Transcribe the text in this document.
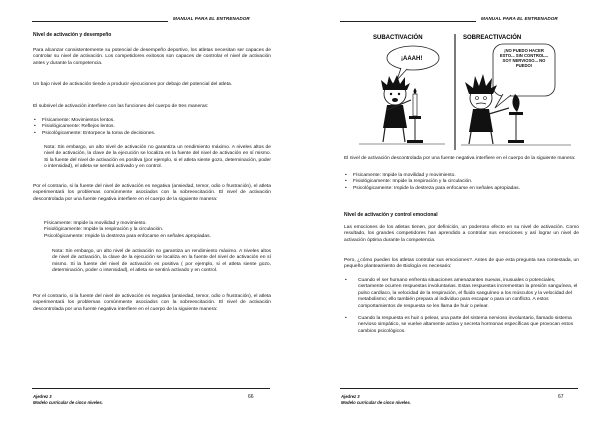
MANUAL PARA EL ENTRENADOR

Nivel de activación y desempeño

Para alcanzar consistentemente su potencial de desempeño deportivo, los atletas necesitan ser capaces de controlar su nivel de activación. Los competidores exitosos son capaces de controlar el nivel de activación antes y durante la competencia.

Un bajo nivel de activación tiende a producir ejecuciones por debajo del potencial del atleta.

El subnivel de activación interfiere con las funciones del cuerpo de tres maneras:

• Físicamente: Movimientos lentos.
• Fisiológicamente: Reflejos lentos.
• Psicológicamente: Entorpece la toma de decisiones.

Nota: Sin embargo, un alto nivel de activación no garantiza un rendimiento máximo. A niveles altos de nivel de activación, la clave de la ejecución se localiza en la fuente del nivel de activación en sí mismo. Si la fuente del nivel de activación es positiva (por ejemplo, si el atleta siente gozo, determinación, poder o intensidad), el atleta se sentirá activado y en control.

Por el contrario, si la fuente del nivel de activación es negativa (ansiedad, temor, odio o frustración), el atleta experimentará los problemas comúnmente asociados con la sobreexcitación. El nivel de activación descontrolada por una fuente negativa interfiere en el cuerpo de la siguiente manera:

Físicamente: Impide la movilidad y movimiento.
Fisiológicamente: Impide la respiración y la circulación.
Psicológicamente: Impide la destreza para enfocarse en señales apropiadas.

Nota: Sin embargo, un alto nivel de activación no garantiza un rendimiento máximo. A niveles altos de nivel de activación, la clave de la ejecución se localiza en la fuente del nivel de activación en sí mismo. Si la fuente del nivel de activación es positiva ( por ejemplo, si el atleta siente gozo, determinación, poder o intensidad), el atleta se sentirá activado y en control.

Por el contrario, si la fuente del nivel de activación es negativa (ansiedad, temor, odio o frustración), el atleta experimentará los problemas comúnmente asociados con la sobreexcitación. El nivel de activación descontrolada por una fuente negativa interfiere en el cuerpo de la siguiente manera:

Ajedrez 3
Modelo curricular de cinco niveles.
66
MANUAL PARA EL ENTRENADOR
SUBACTIVACIÓN	SOBREACTIVACIÓN
¡AAAH!
¡NO PUEDO HACER ESTO... SIN CONTROL... SOY NERVIOSO... NO PUEDO!

El nivel de activación descontrolada por una fuente negativa interfiere en el cuerpo de la siguiente manera:

• Físicamente: Impide la movilidad y movimiento.
• Fisiológicamente: Impide la respiración y la circulación.
• Psicológicamente: Impide la destreza para enfocarse en señales apropiadas.

Nivel de activación y control emocional

Las emociones de los atletas tienen, por definición, un poderoso efecto en su nivel de activación. Como resultado, los grandes competidores han aprendido a controlar sus emociones y así lograr un nivel de activación óptima durante la competencia.

Pero, ¿cómo pueden los atletas controlar sus emociones?. Antes de que esta pregunta sea contestada, un pequeño planteamiento de Biología es necesario:

• Cuando el ser humano enfrenta situaciones amenazantes nuevas, inusuales o potenciales, ciertamente ocurren respuestas involuntarias. Estas respuestas incrementan la presión sanguínea, el pulso cardíaco, la velocidad de la respiración, el fluido sanguíneo a los músculos y la velocidad del metabolismo; ello también prepara al individuo para escapar o para un conflicto. A estos comportamientos de respuesta se les llama de huir o pelear.
• Cuando la respuesta es huir o pelear, una parte del sistema nervioso involuntario, llamado sistema nervioso simpático, se vuelve altamente activa y secreta hormonas específicas que provocan estos cambios psicológicos.
Ajedrez 3
Modelo curricular de cinco niveles.
67
